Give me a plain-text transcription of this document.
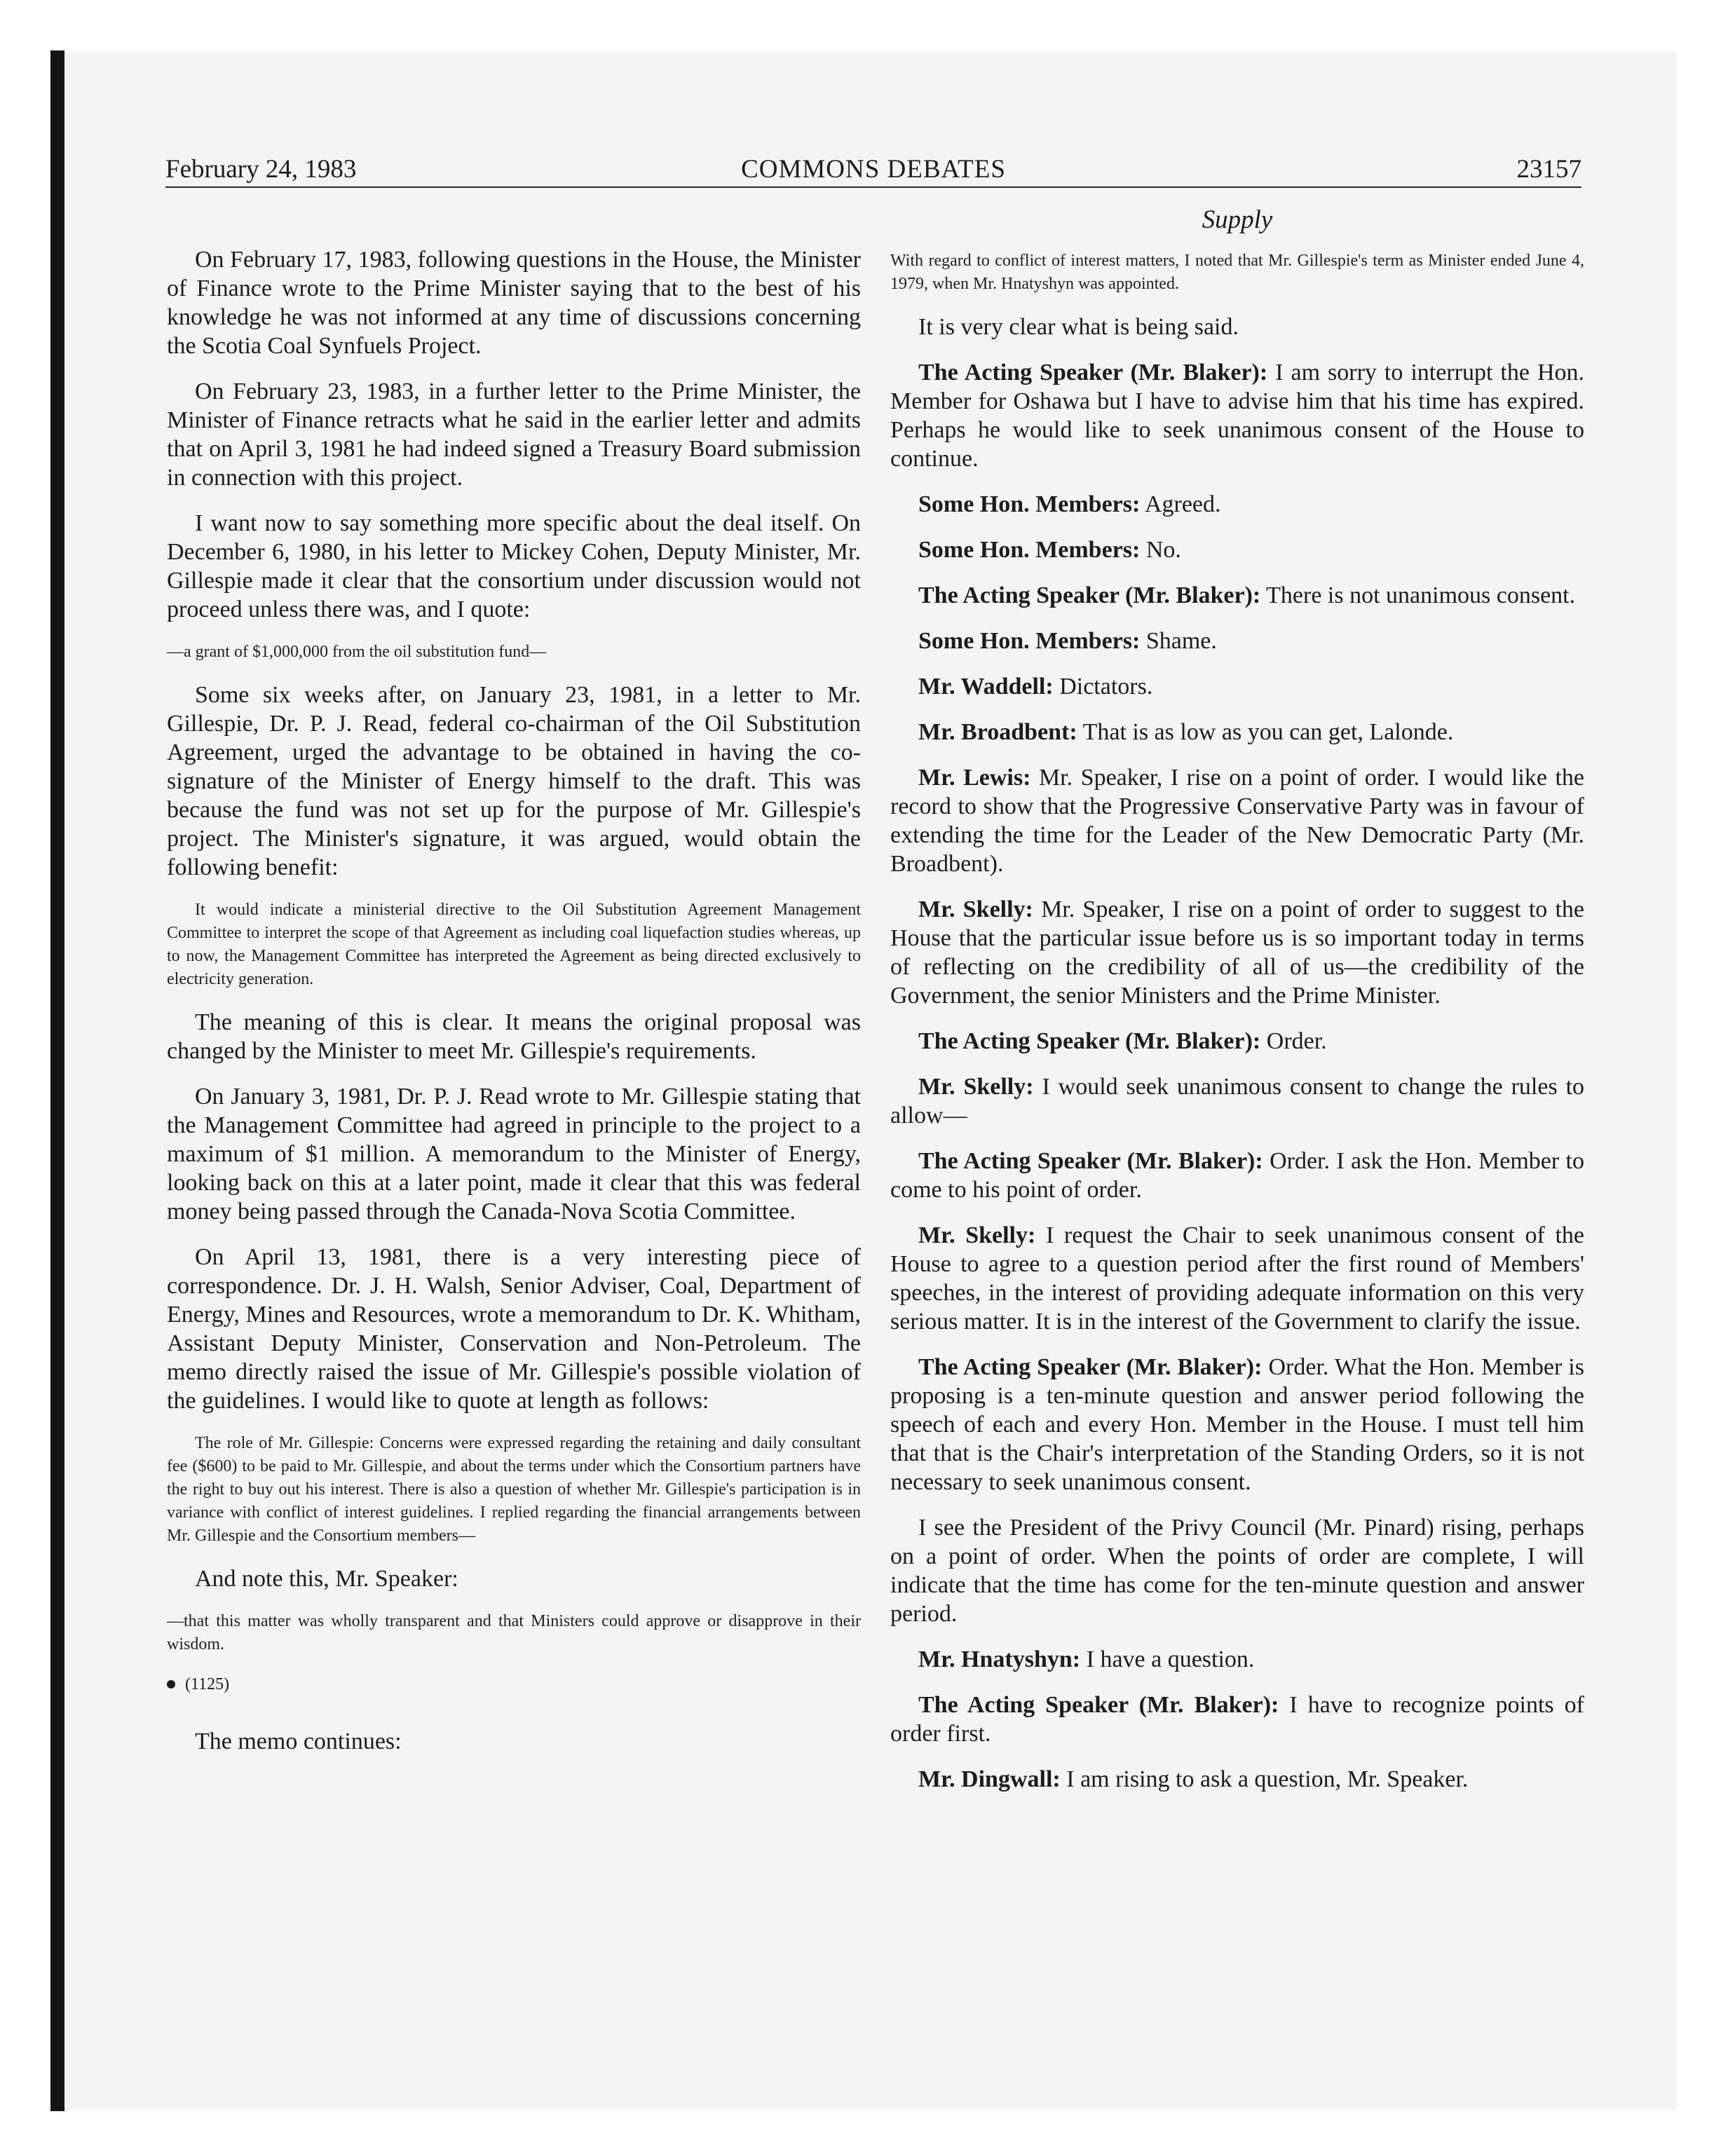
February 24, 1983	COMMONS DEBATES	23157
Supply

On February 17, 1983, following questions in the House, the Minister of Finance wrote to the Prime Minister saying that to the best of his knowledge he was not informed at any time of discussions concerning the Scotia Coal Synfuels Project.

On February 23, 1983, in a further letter to the Prime Minister, the Minister of Finance retracts what he said in the earlier letter and admits that on April 3, 1981 he had indeed signed a Treasury Board submission in connection with this project.

I want now to say something more specific about the deal itself. On December 6, 1980, in his letter to Mickey Cohen, Deputy Minister, Mr. Gillespie made it clear that the consortium under discussion would not proceed unless there was, and I quote:

—a grant of $1,000,000 from the oil substitution fund—

Some six weeks after, on January 23, 1981, in a letter to Mr. Gillespie, Dr. P. J. Read, federal co-chairman of the Oil Substitution Agreement, urged the advantage to be obtained in having the co-signature of the Minister of Energy himself to the draft. This was because the fund was not set up for the purpose of Mr. Gillespie's project. The Minister's signature, it was argued, would obtain the following benefit:

It would indicate a ministerial directive to the Oil Substitution Agreement Management Committee to interpret the scope of that Agreement as including coal liquefaction studies whereas, up to now, the Management Committee has interpreted the Agreement as being directed exclusively to electricity generation.

The meaning of this is clear. It means the original proposal was changed by the Minister to meet Mr. Gillespie's requirements.

On January 3, 1981, Dr. P. J. Read wrote to Mr. Gillespie stating that the Management Committee had agreed in principle to the project to a maximum of $1 million. A memorandum to the Minister of Energy, looking back on this at a later point, made it clear that this was federal money being passed through the Canada-Nova Scotia Committee.

On April 13, 1981, there is a very interesting piece of correspondence. Dr. J. H. Walsh, Senior Adviser, Coal, Department of Energy, Mines and Resources, wrote a memorandum to Dr. K. Whitham, Assistant Deputy Minister, Conservation and Non-Petroleum. The memo directly raised the issue of Mr. Gillespie's possible violation of the guidelines. I would like to quote at length as follows:

The role of Mr. Gillespie: Concerns were expressed regarding the retaining and daily consultant fee ($600) to be paid to Mr. Gillespie, and about the terms under which the Consortium partners have the right to buy out his interest. There is also a question of whether Mr. Gillespie's participation is in variance with conflict of interest guidelines. I replied regarding the financial arrangements between Mr. Gillespie and the Consortium members—

And note this, Mr. Speaker:

—that this matter was wholly transparent and that Ministers could approve or disapprove in their wisdom.

(1125)

The memo continues:

With regard to conflict of interest matters, I noted that Mr. Gillespie's term as Minister ended June 4, 1979, when Mr. Hnatyshyn was appointed.

It is very clear what is being said.

The Acting Speaker (Mr. Blaker): I am sorry to interrupt the Hon. Member for Oshawa but I have to advise him that his time has expired. Perhaps he would like to seek unanimous consent of the House to continue.

Some Hon. Members: Agreed.

Some Hon. Members: No.

The Acting Speaker (Mr. Blaker): There is not unanimous consent.

Some Hon. Members: Shame.

Mr. Waddell: Dictators.

Mr. Broadbent: That is as low as you can get, Lalonde.

Mr. Lewis: Mr. Speaker, I rise on a point of order. I would like the record to show that the Progressive Conservative Party was in favour of extending the time for the Leader of the New Democratic Party (Mr. Broadbent).

Mr. Skelly: Mr. Speaker, I rise on a point of order to suggest to the House that the particular issue before us is so important today in terms of reflecting on the credibility of all of us—the credibility of the Government, the senior Ministers and the Prime Minister.

The Acting Speaker (Mr. Blaker): Order.

Mr. Skelly: I would seek unanimous consent to change the rules to allow—

The Acting Speaker (Mr. Blaker): Order. I ask the Hon. Member to come to his point of order.

Mr. Skelly: I request the Chair to seek unanimous consent of the House to agree to a question period after the first round of Members' speeches, in the interest of providing adequate information on this very serious matter. It is in the interest of the Government to clarify the issue.

The Acting Speaker (Mr. Blaker): Order. What the Hon. Member is proposing is a ten-minute question and answer period following the speech of each and every Hon. Member in the House. I must tell him that that is the Chair's interpretation of the Standing Orders, so it is not necessary to seek unanimous consent.

I see the President of the Privy Council (Mr. Pinard) rising, perhaps on a point of order. When the points of order are complete, I will indicate that the time has come for the ten-minute question and answer period.

Mr. Hnatyshyn: I have a question.

The Acting Speaker (Mr. Blaker): I have to recognize points of order first.

Mr. Dingwall: I am rising to ask a question, Mr. Speaker.
